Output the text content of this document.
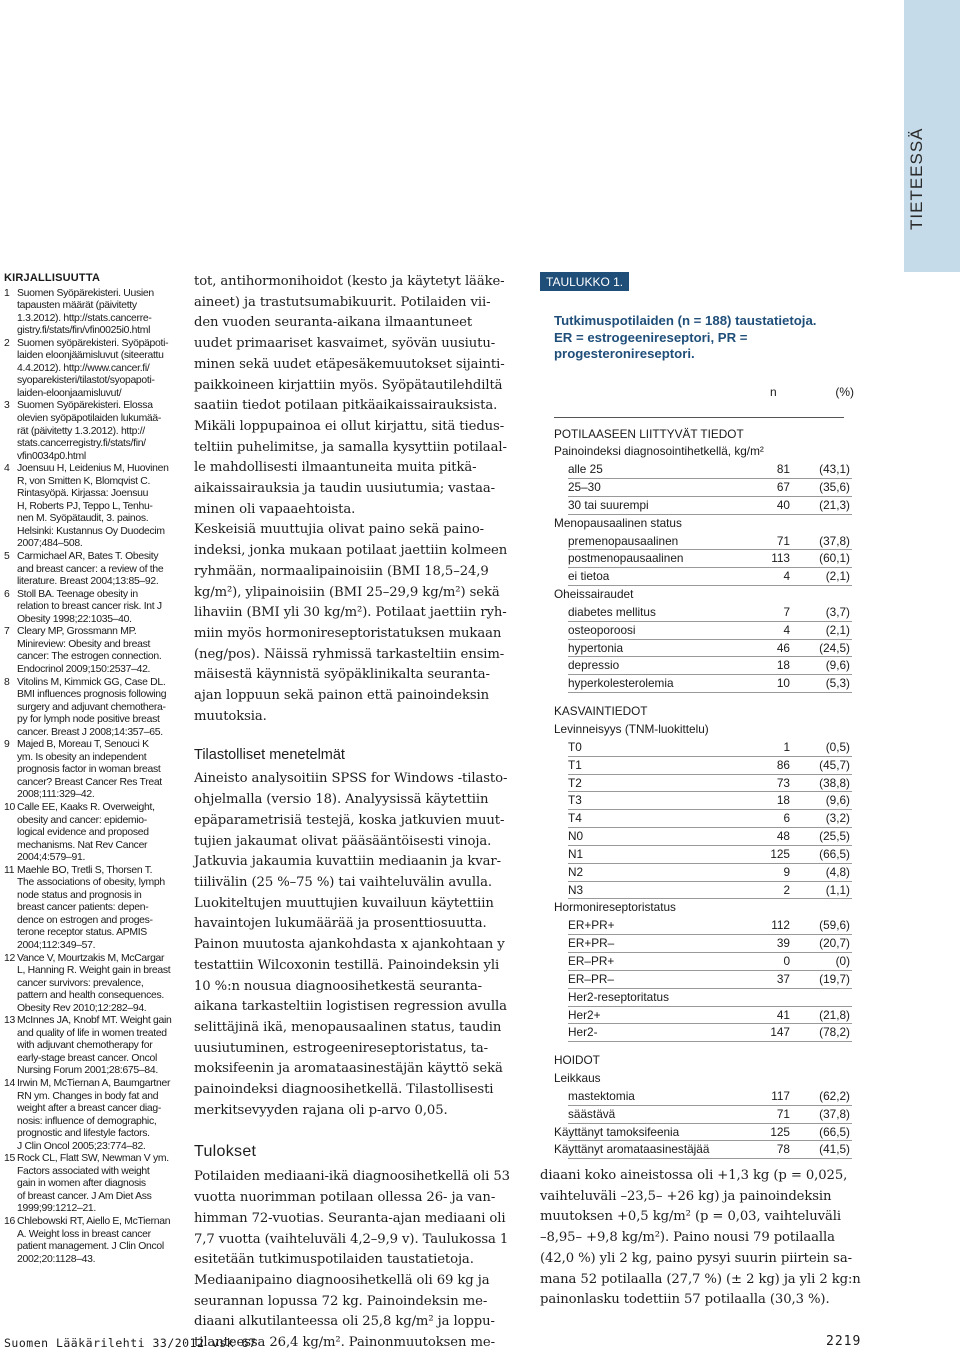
TIETEESSÄ
KIRJALLISUUTTA
1 Suomen Syöpärekisteri. Uusien
tapausten määrät (päivitetty
1.3.2012). http://stats.cancerre-
gistry.fi/stats/fin/vfin0025i0.html
2 Suomen syöpärekisteri. Syöpäpoti-
laiden eloonjäämisluvut (siteerattu
4.4.2012). http://www.cancer.fi/
syoparekisteri/tilastot/syopapoti-
laiden-eloonjaamisluvut/
3 Suomen Syöpärekisteri. Elossa
olevien syöpäpotilaiden lukumää-
rät (päivitetty 1.3.2012). http://
stats.cancerregistry.fi/stats/fin/
vfin0034p0.html
4 Joensuu H, Leidenius M, Huovinen
R, von Smitten K, Blomqvist C.
Rintasyöpä. Kirjassa: Joensuu
H, Roberts PJ, Teppo L, Tenhu-
nen M. Syöpätaudit, 3. painos.
Helsinki: Kustannus Oy Duodecim
2007;484–508.
5 Carmichael AR, Bates T. Obesity
and breast cancer: a review of the
literature. Breast 2004;13:85–92.
6 Stoll BA. Teenage obesity in
relation to breast cancer risk. Int J
Obesity 1998;22:1035–40.
7 Cleary MP, Grossmann MP.
Minireview: Obesity and breast
cancer: The estrogen connection.
Endocrinol 2009;150:2537–42.
8 Vitolins M, Kimmick GG, Case DL.
BMI influences prognosis following
surgery and adjuvant chemothera-
py for lymph node positive breast
cancer. Breast J 2008;14:357–65.
9 Majed B, Moreau T, Senouci K
ym. Is obesity an independent
prognosis factor in woman breast
cancer? Breast Cancer Res Treat
2008;111:329–42.
10 Calle EE, Kaaks R. Overweight,
obesity and cancer: epidemio-
logical evidence and proposed
mechanisms. Nat Rev Cancer
2004;4:579–91.
11 Maehle BO, Tretli S, Thorsen T.
The associations of obesity, lymph
node status and prognosis in
breast cancer patients: depen-
dence on estrogen and proges-
terone receptor status. APMIS
2004;112:349–57.
12 Vance V, Mourtzakis M, McCargar
L, Hanning R. Weight gain in breast
cancer survivors: prevalence,
pattern and health consequences.
Obesity Rev 2010;12:282–94.
13 McInnes JA, Knobf MT. Weight gain
and quality of life in women treated
with adjuvant chemotherapy for
early-stage breast cancer. Oncol
Nursing Forum 2001;28:675–84.
14 Irwin M, McTiernan A, Baumgartner
RN ym. Changes in body fat and
weight after a breast cancer diag-
nosis: influence of demographic,
prognostic and lifestyle factors.
J Clin Oncol 2005;23:774–82.
15 Rock CL, Flatt SW, Newman V ym.
Factors associated with weight
gain in women after diagnosis
of breast cancer. J Am Diet Ass
1999;99:1212–21.
16 Chlebowski RT, Aiello E, McTiernan
A. Weight loss in breast cancer
patient management. J Clin Oncol
2002;20:1128–43.
tot, antihormonihoidot (kesto ja käytetyt lääke-
aineet) ja trastutsumabikuurit. Potilaiden vii-
den vuoden seuranta-aikana ilmaantuneet
uudet primaariset kasvaimet, syövän uusiutu-
minen sekä uudet etäpesäkemuutokset sijainti-
paikkoineen kirjattiin myös. Syöpätautilehdiltä
saatiin tiedot potilaan pitkäaikaissairauksista.
Mikäli loppupainoa ei ollut kirjattu, sitä tiedus-
teltiin puhelimitse, ja samalla kysyttiin potilaal-
le mahdollisesti ilmaantuneita muita pitkä-
aikaissairauksia ja taudin uusiutumia; vastaa-
minen oli vapaaehtoista.
Keskeisiä muuttujia olivat paino sekä paino-
indeksi, jonka mukaan potilaat jaettiin kolmeen
ryhmään, normaalipainoisiin (BMI 18,5–24,9
kg/m²), ylipainoisiin (BMI 25–29,9 kg/m²) sekä
lihaviin (BMI yli 30 kg/m²). Potilaat jaettiin ryh-
miin myös hormonireseptoristatuksen mukaan
(neg/pos). Näissä ryhmissä tarkasteltiin ensim-
mäisestä käynnistä syöpäklinikalta seuranta-
ajan loppuun sekä painon että painoindeksin
muutoksia.
Tilastolliset menetelmät
Aineisto analysoitiin SPSS for Windows -tilasto-
ohjelmalla (versio 18). Analyysissä käytettiin
epäparametrisiä testejä, koska jatkuvien muut-
tujien jakaumat olivat pääsääntöisesti vinoja.
Jatkuvia jakaumia kuvattiin mediaanin ja kvar-
tiilivälin (25 %–75 %) tai vaihteluvälin avulla.
Luokiteltujen muuttujien kuvailuun käytettiin
havaintojen lukumäärää ja prosenttiosuutta.
Painon muutosta ajankohdasta x ajankohtaan y
testattiin Wilcoxonin testillä. Painoindeksin yli
10 %:n nousua diagnoosihetkestä seuranta-
aikana tarkasteltiin logistisen regression avulla
selittäjinä ikä, menopausaalinen status, taudin
uusiutuminen, estrogeenireseptoristatus, ta-
moksifeenin ja aromataasinestäjän käyttö sekä
painoindeksi diagnoosihetkellä. Tilastollisesti
merkitsevyyden rajana oli p-arvo 0,05.
Tulokset
Potilaiden mediaani-ikä diagnoosihetkellä oli 53
vuotta nuorimman potilaan ollessa 26- ja van-
himman 72-vuotias. Seuranta-ajan mediaani oli
7,7 vuotta (vaihteluväli 4,2–9,9 v). Taulukossa 1
esitetään tutkimuspotilaiden taustatietoja.
Mediaanipaino diagnoosihetkellä oli 69 kg ja
seurannan lopussa 72 kg. Painoindeksin me-
diaani alkutilanteessa oli 25,8 kg/m² ja loppu-
tilanteessa 26,4 kg/m². Painonmuutoksen me-
TAULUKKO 1.
Tutkimuspotilaiden (n = 188) taustatietoja.
ER = estrogeenireseptori, PR =
progesteronireseptori.
n	(%)
POTILAASEEN LIITTYVÄT TIEDOT
Painoindeksi diagnosointihetkellä, kg/m²
alle 25	81	(43,1)
25–30	67	(35,6)
30 tai suurempi	40	(21,3)
Menopausaalinen status
premenopausaalinen	71	(37,8)
postmenopausaalinen	113	(60,1)
ei tietoa	4	(2,1)
Oheissairaudet
diabetes mellitus	7	(3,7)
osteoporoosi	4	(2,1)
hypertonia	46	(24,5)
depressio	18	(9,6)
hyperkolesterolemia	10	(5,3)
KASVAINTIEDOT
Levinneisyys (TNM-luokittelu)
T0	1	(0,5)
T1	86	(45,7)
T2	73	(38,8)
T3	18	(9,6)
T4	6	(3,2)
N0	48	(25,5)
N1	125	(66,5)
N2	9	(4,8)
N3	2	(1,1)
Hormonireseptoristatus
ER+PR+	112	(59,6)
ER+PR–	39	(20,7)
ER–PR+	0	(0)
ER–PR–	37	(19,7)
Her2-reseptoritatus
Her2+	41	(21,8)
Her2-	147	(78,2)
HOIDOT
Leikkaus
mastektomia	117	(62,2)
säästävä	71	(37,8)
Käyttänyt tamoksifeenia	125	(66,5)
Käyttänyt aromataasinestäjää	78	(41,5)
diaani koko aineistossa oli +1,3 kg (p = 0,025,
vaihteluväli –23,5– +26 kg) ja painoindeksin
muutoksen +0,5 kg/m² (p = 0,03, vaihteluväli
–8,95– +9,8 kg/m²). Paino nousi 79 potilaalla
(42,0 %) yli 2 kg, paino pysyi suurin piirtein sa-
mana 52 potilaalla (27,7 %) (± 2 kg) ja yli 2 kg:n
painonlasku todettiin 57 potilaalla (30,3 %).
Suomen Lääkärilehti 33/2012 vsk 67	2219
